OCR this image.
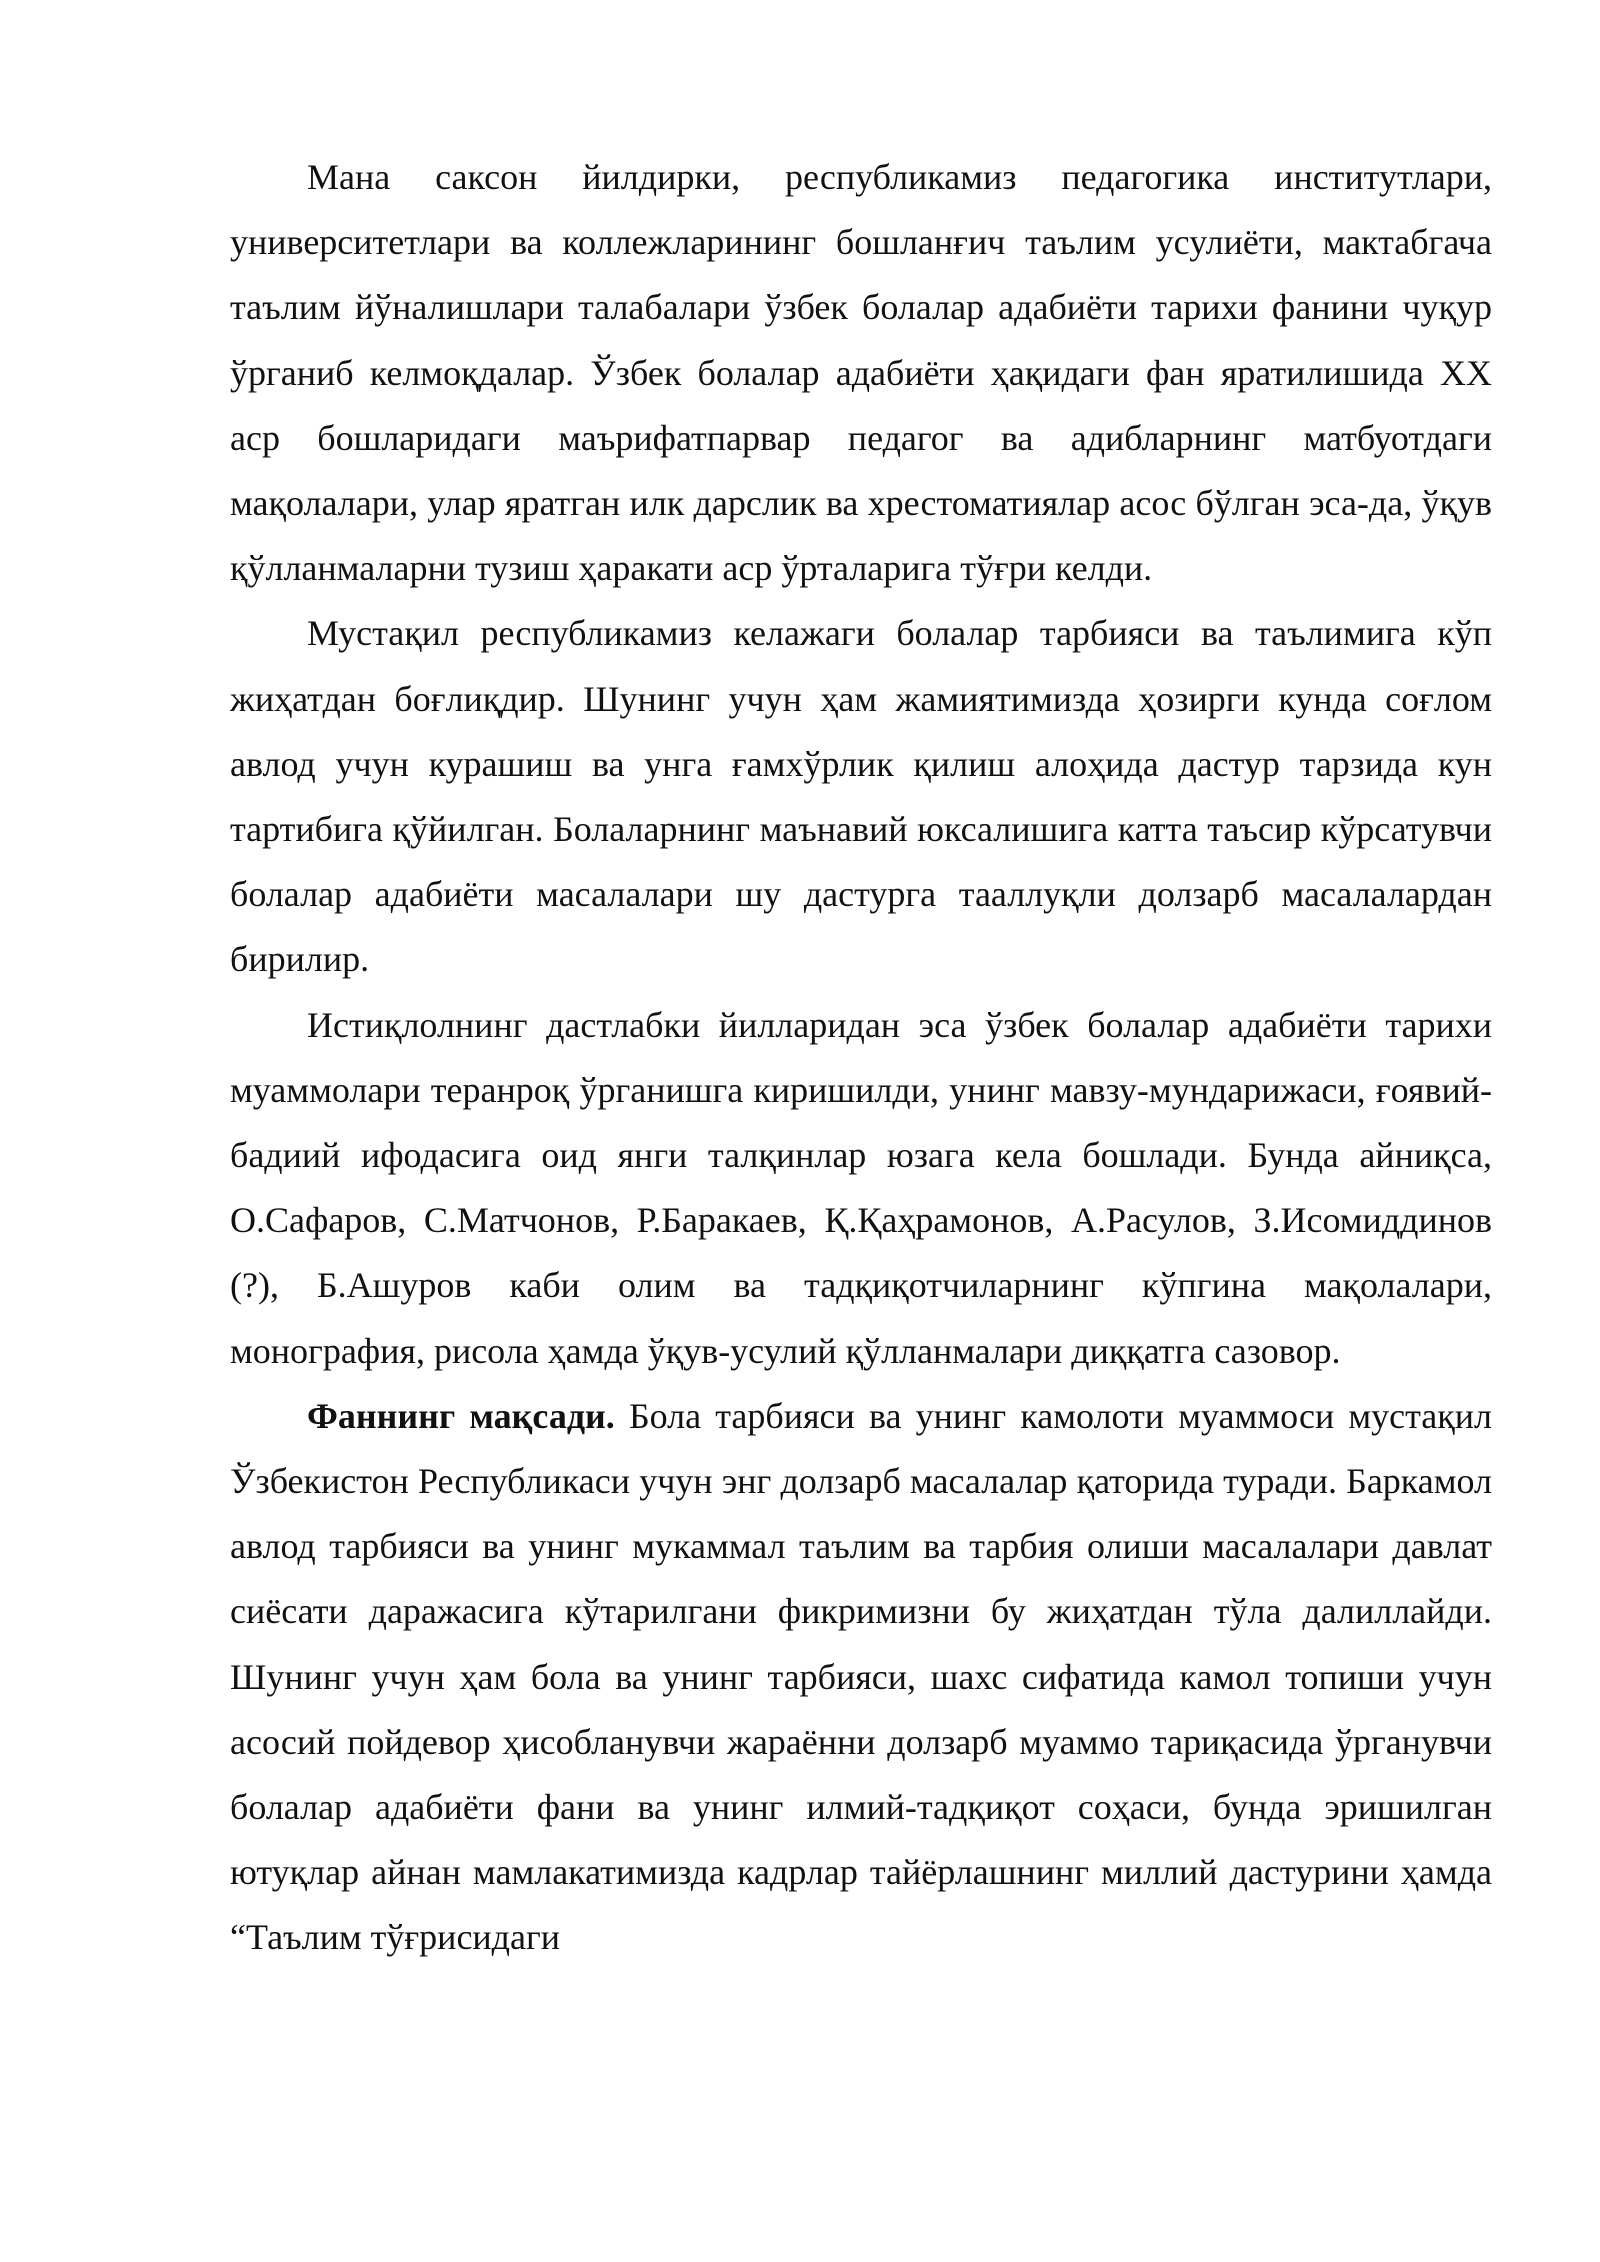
Мана саксон йилдирки, республикамиз педагогика институтлари, университетлари ва коллежларининг бошланғич таълим усулиёти, мактабгача таълим йўналишлари талабалари ўзбек болалар адабиёти тарихи фанини чуқур ўрганиб келмоқдалар. Ўзбек болалар адабиёти ҳақидаги фан яратилишида XX аср бошларидаги маърифатпарвар педагог ва адибларнинг матбуотдаги мақолалари, улар яратган илк дарслик ва хрестоматиялар асос бўлган эса-да, ўқув қўлланмаларни тузиш ҳаракати аср ўрталарига тўғри келди.

Мустақил республикамиз келажаги болалар тарбияси ва таълимига кўп жиҳатдан боғлиқдир. Шунинг учун ҳам жамиятимизда ҳозирги кунда соғлом авлод учун курашиш ва унга ғамхўрлик қилиш алоҳида дастур тарзида кун тартибига қўйилган. Болаларнинг маънавий юксалишига катта таъсир кўрсатувчи болалар адабиёти масалалари шу дастурга тааллуқли долзарб масалалардан бирилир.

Истиқлолнинг дастлабки йилларидан эса ўзбек болалар адабиёти тарихи муаммолари теранроқ ўрганишга киришилди, унинг мавзу-мундарижаси, ғоявий-бадиий ифодасига оид янги талқинлар юзага кела бошлади. Бунда айниқса, О.Сафаров, С.Матчонов, Р.Баракаев, Қ.Қаҳрамонов, А.Расулов, З.Исомиддинов (?), Б.Ашуров каби олим ва тадқиқотчиларнинг кўпгина мақолалари, монография, рисола ҳамда ўқув-усулий қўлланмалари диққатга сазовор.

Фаннинг мақсади. Бола тарбияси ва унинг камолоти муаммоси мустақил Ўзбекистон Республикаси учун энг долзарб масалалар қаторида туради. Баркамол авлод тарбияси ва унинг мукаммал таълим ва тарбия олиши масалалари давлат сиёсати даражасига кўтарилгани фикримизни бу жиҳатдан тўла далиллайди. Шунинг учун ҳам бола ва унинг тарбияси, шахс сифатида камол топиши учун асосий пойдевор ҳисобланувчи жараённи долзарб муаммо тариқасида ўрганувчи болалар адабиёти фани ва унинг илмий-тадқиқот соҳаси, бунда эришилган ютуқлар айнан мамлакатимизда кадрлар тайёрлашнинг миллий дастурини ҳамда “Таълим тўғрисидаги
